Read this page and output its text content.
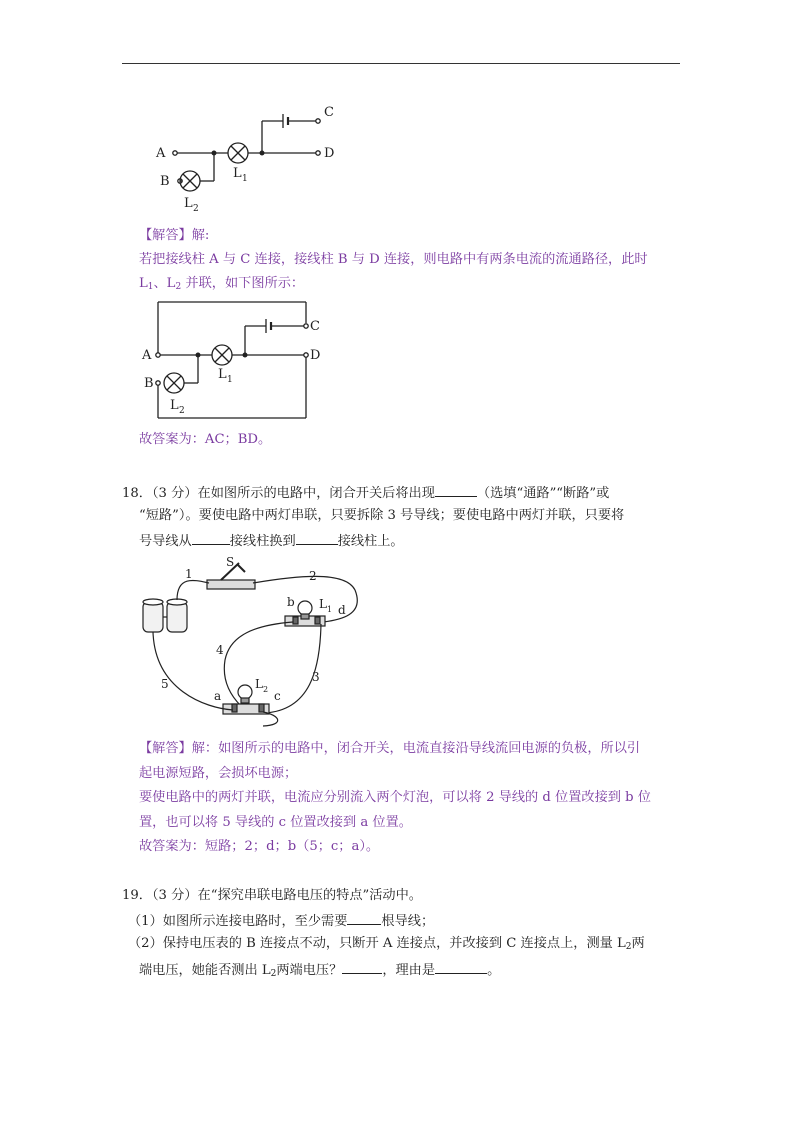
A
B
C
D
L 1
L 2
【解答】解:
若把接线柱 A 与 C 连接，接线柱 B 与 D 连接，则电路中有两条电流的流通路径，此时
$L_1$、$L_2$ 并联，如下图所示：
A
B
C
D
L 1
L 2
故答案为：AC；BD。
18．（3 分）在如图所示的电路中，闭合开关后将出现	（选填“通路”“断路”或
“短路”）。要使电路中两灯串联，只要拆除 3 号导线；要使电路中两灯并联，只要将
号导线从	接线柱换到	接线柱上。
1	2
3
4
5
S
b
d
L 1
a	c
L 2
【解答】解：如图所示的电路中，闭合开关，电流直接沿导线流回电源的负极，所以引
起电源短路，会损坏电源；
要使电路中的两灯并联，电流应分别流入两个灯泡，可以将 2 导线的 d 位置改接到 b 位
置，也可以将 5 导线的 c 位置改接到 a 位置。
故答案为：短路；2；d；b（5；c；a）。
19．（3 分）在“探究串联电路电压的特点”活动中。
（1）如图所示连接电路时，至少需要	根导线；
（2）保持电压表的 B 连接点不动，只断开 A 连接点，并改接到 C 连接点上，测量 $L_2$两
端电压，她能否测出 $L_2$两端电压？	，理由是	。
